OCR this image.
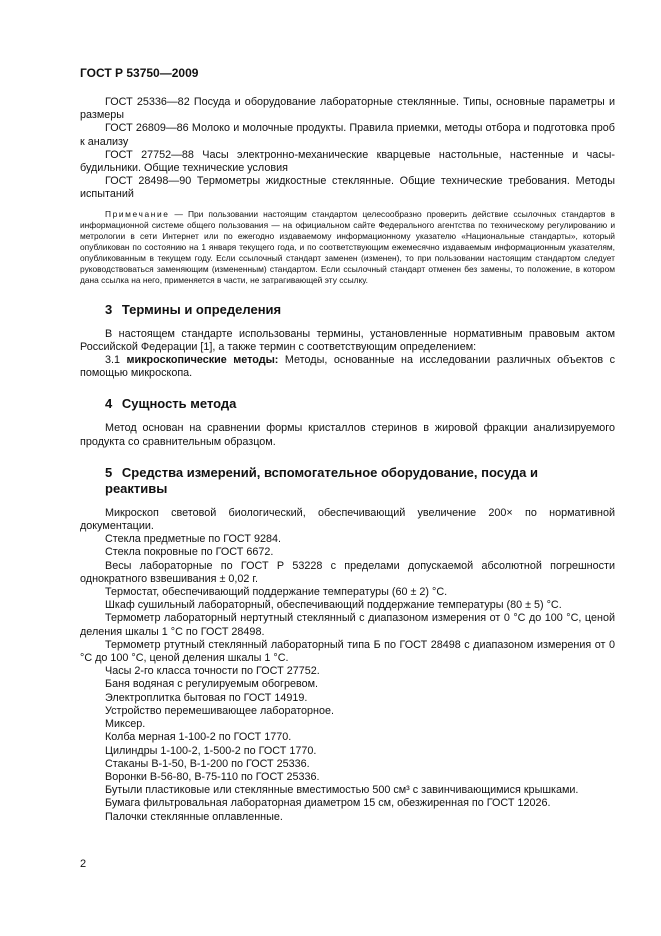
ГОСТ Р 53750—2009

ГОСТ 25336—82 Посуда и оборудование лабораторные стеклянные. Типы, основные параметры и размеры

ГОСТ 26809—86 Молоко и молочные продукты. Правила приемки, методы отбора и подготовка проб к анализу

ГОСТ 27752—88 Часы электронно-механические кварцевые настольные, настенные и часы-будильники. Общие технические условия

ГОСТ 28498—90 Термометры жидкостные стеклянные. Общие технические требования. Методы испытаний

Примечание — При пользовании настоящим стандартом целесообразно проверить действие ссылочных стандартов в информационной системе общего пользования — на официальном сайте Федерального агентства по техническому регулированию и метрологии в сети Интернет или по ежегодно издаваемому информационному указателю «Национальные стандарты», который опубликован по состоянию на 1 января текущего года, и по соответствующим ежемесячно издаваемым информационным указателям, опубликованным в текущем году. Если ссылочный стандарт заменен (изменен), то при пользовании настоящим стандартом следует руководствоваться заменяющим (измененным) стандартом. Если ссылочный стандарт отменен без замены, то положение, в котором дана ссылка на него, применяется в части, не затрагивающей эту ссылку.
3 Термины и определения

В настоящем стандарте использованы термины, установленные нормативным правовым актом Российской Федерации [1], а также термин с соответствующим определением:

3.1 микроскопические методы: Методы, основанные на исследовании различных объектов с помощью микроскопа.

4 Сущность метода

Метод основан на сравнении формы кристаллов стеринов в жировой фракции анализируемого продукта со сравнительным образцом.

5 Средства измерений, вспомогательное оборудование, посуда и реактивы

Микроскоп световой биологический, обеспечивающий увеличение 200× по нормативной документации.

Стекла предметные по ГОСТ 9284.

Стекла покровные по ГОСТ 6672.

Весы лабораторные по ГОСТ Р 53228 с пределами допускаемой абсолютной погрешности однократного взвешивания ± 0,02 г.

Термостат, обеспечивающий поддержание температуры (60 ± 2) °С.

Шкаф сушильный лабораторный, обеспечивающий поддержание температуры (80 ± 5) °С.

Термометр лабораторный нертутный стеклянный с диапазоном измерения от 0 °С до 100 °С, ценой деления шкалы 1 °С по ГОСТ 28498.

Термометр ртутный стеклянный лабораторный типа Б по ГОСТ 28498 с диапазоном измерения от 0 °С до 100 °С, ценой деления шкалы 1 °С.

Часы 2-го класса точности по ГОСТ 27752.

Баня водяная с регулируемым обогревом.

Электроплитка бытовая по ГОСТ 14919.

Устройство перемешивающее лабораторное.

Миксер.

Колба мерная 1-100-2 по ГОСТ 1770.

Цилиндры 1-100-2, 1-500-2 по ГОСТ 1770.

Стаканы В-1-50, В-1-200 по ГОСТ 25336.

Воронки В-56-80, В-75-110 по ГОСТ 25336.

Бутыли пластиковые или стеклянные вместимостью 500 см³ с завинчивающимися крышками.

Бумага фильтровальная лабораторная диаметром 15 см, обезжиренная по ГОСТ 12026.

Палочки стеклянные оплавленные.

2
